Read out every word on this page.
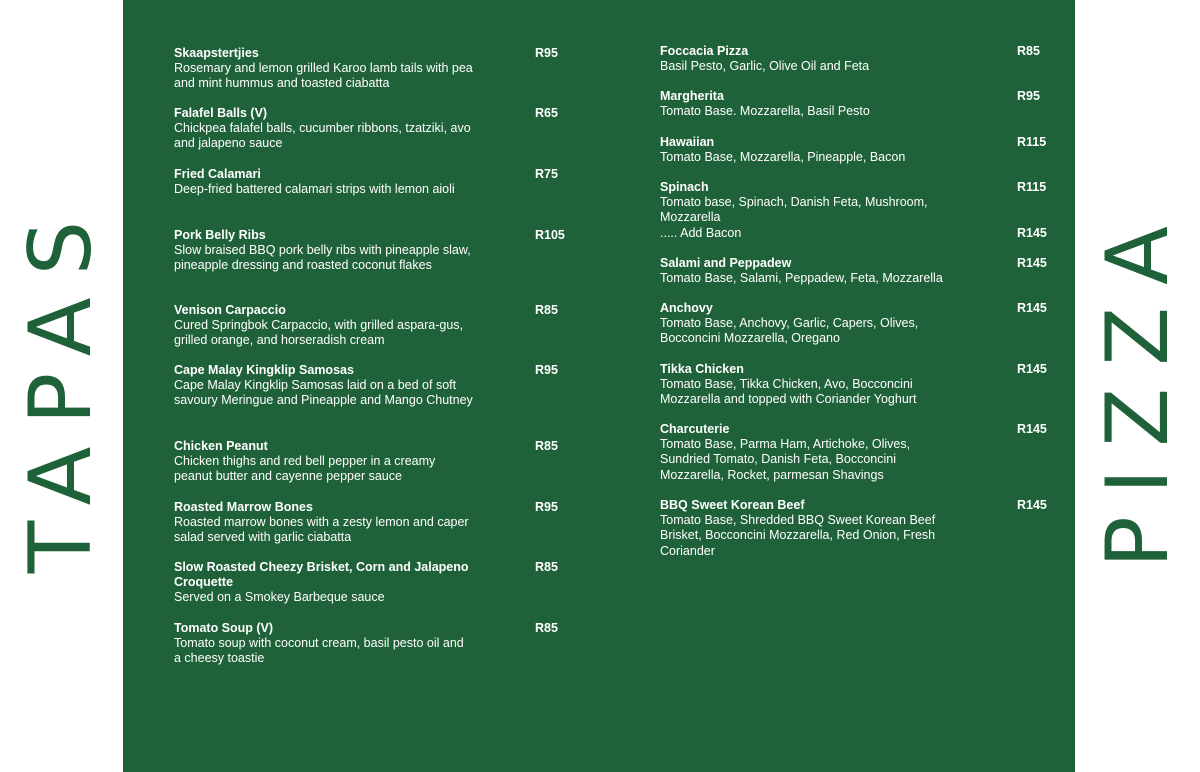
TAPAS	PIZZA
Skaapstertjies
Rosemary and lemon grilled Karoo lamb tails with pea and mint hummus and toasted ciabatta
R95
Falafel Balls (V)
Chickpea falafel balls, cucumber ribbons, tzatziki, avo and jalapeno sauce
R65
Fried Calamari
Deep-fried battered calamari strips with lemon aioli
R75
Pork Belly Ribs
Slow braised BBQ pork belly ribs with pineapple slaw, pineapple dressing and roasted coconut flakes
R105
Venison Carpaccio
Cured Springbok Carpaccio, with grilled aspara-gus, grilled orange, and horseradish cream
R85
Cape Malay Kingklip Samosas
Cape Malay Kingklip Samosas laid on a bed of soft savoury Meringue and Pineapple and Mango Chutney
R95
Chicken Peanut
Chicken thighs and red bell pepper in a creamy peanut butter and cayenne pepper sauce
R85
Roasted Marrow Bones
Roasted marrow bones with a zesty lemon and caper salad served with garlic ciabatta
R95
Slow Roasted Cheezy Brisket, Corn and Jalapeno Croquette
Served on a Smokey Barbeque sauce
R85
Tomato Soup (V)
Tomato soup with coconut cream, basil pesto oil and a cheesy toastie
R85
Foccacia Pizza
Basil Pesto, Garlic, Olive Oil and Feta
R85
Margherita
Tomato Base. Mozzarella, Basil Pesto
R95
Hawaiian
Tomato Base, Mozzarella, Pineapple, Bacon
R115
Spinach
Tomato base, Spinach, Danish Feta, Mushroom, Mozzarella
R115
..... Add Bacon	R145
Salami and Peppadew
Tomato Base, Salami, Peppadew, Feta, Mozzarella
R145
Anchovy
Tomato Base, Anchovy, Garlic, Capers, Olives, Bocconcini Mozzarella, Oregano
R145
Tikka Chicken
Tomato Base, Tikka Chicken, Avo, Bocconcini Mozzarella and topped with Coriander Yoghurt
R145
Charcuterie
Tomato Base, Parma Ham, Artichoke, Olives, Sundried Tomato, Danish Feta, Bocconcini Mozzarella, Rocket, parmesan Shavings
R145
BBQ Sweet Korean Beef
Tomato Base, Shredded BBQ Sweet Korean Beef Brisket, Bocconcini Mozzarella, Red Onion, Fresh Coriander
R145
